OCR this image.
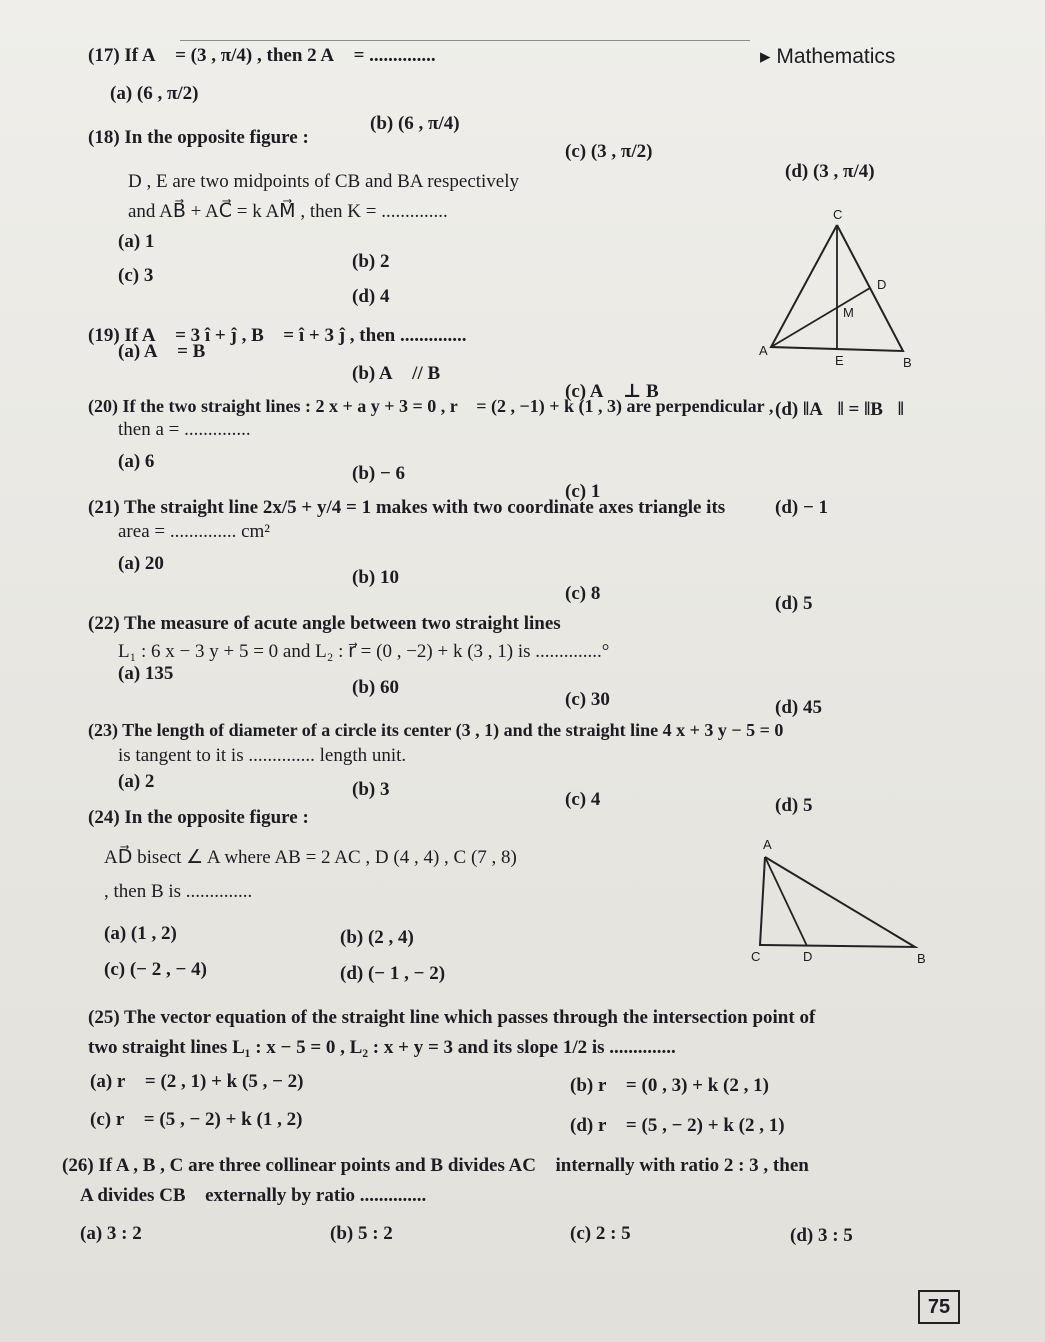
▸ Mathematics
(17) If A⃗ = (3 , π/4) , then 2 A⃗ = ..............
(a) (6 , π/2)
(b) (6 , π/4)
(c) (3 , π/2)
(d) (3 , π/4)
(18) In the opposite figure :
D , E are two midpoints of CB and BA respectively
and AB⃗ + AC⃗ = k AM⃗ , then K = ..............
(a) 1
(b) 2
(c) 3
(d) 4
C
D
M
A
E	B
(19) If A⃗ = 3 î + ĵ , B⃗ = î + 3 ĵ , then ..............
(a) A⃗ = B⃗
(b) A⃗ // B⃗
(c) A⃗ ⊥ B⃗
(d) ‖A⃗‖ = ‖B⃗‖
(20) If the two straight lines : 2 x + a y + 3 = 0 , r⃗ = (2 , −1) + k (1 , 3) are perpendicular ,
then a = ..............
(a) 6
(b) − 6
(c) 1
(d) − 1
(21) The straight line 2x/5 + y/4 = 1 makes with two coordinate axes triangle its
area = .............. cm²
(a) 20
(b) 10
(c) 8	(d) 5
(22) The measure of acute angle between two straight lines
L₁ : 6 x − 3 y + 5 = 0 and L₂ : r⃗ = (0 , −2) + k (3 , 1) is ..............°
(a) 135
(b) 60
(c) 30	(d) 45
(23) The length of diameter of a circle its center (3 , 1) and the straight line 4 x + 3 y − 5 = 0
is tangent to it is .............. length unit.
(a) 2	(b) 3	(c) 4	(d) 5
(24) In the opposite figure :
AD⃗ bisect ∠ A where AB = 2 AC , D (4 , 4) , C (7 , 8)
, then B is ..............
(a) (1 , 2)	(b) (2 , 4)
(c) (− 2 , − 4)	(d) (− 1 , − 2)
A
C	D	B
(25) The vector equation of the straight line which passes through the intersection point of
two straight lines L₁ : x − 5 = 0 , L₂ : x + y = 3 and its slope 1/2 is ..............
(a) r⃗ = (2 , 1) + k (5 , − 2)	(b) r⃗ = (0 , 3) + k (2 , 1)
(c) r⃗ = (5 , − 2) + k (1 , 2)	(d) r⃗ = (5 , − 2) + k (2 , 1)
(26) If A , B , C are three collinear points and B divides AC⃗ internally with ratio 2 : 3 , then
A divides CB⃗ externally by ratio ..............
(a) 3 : 2	(b) 5 : 2	(c) 2 : 5	(d) 3 : 5
75
